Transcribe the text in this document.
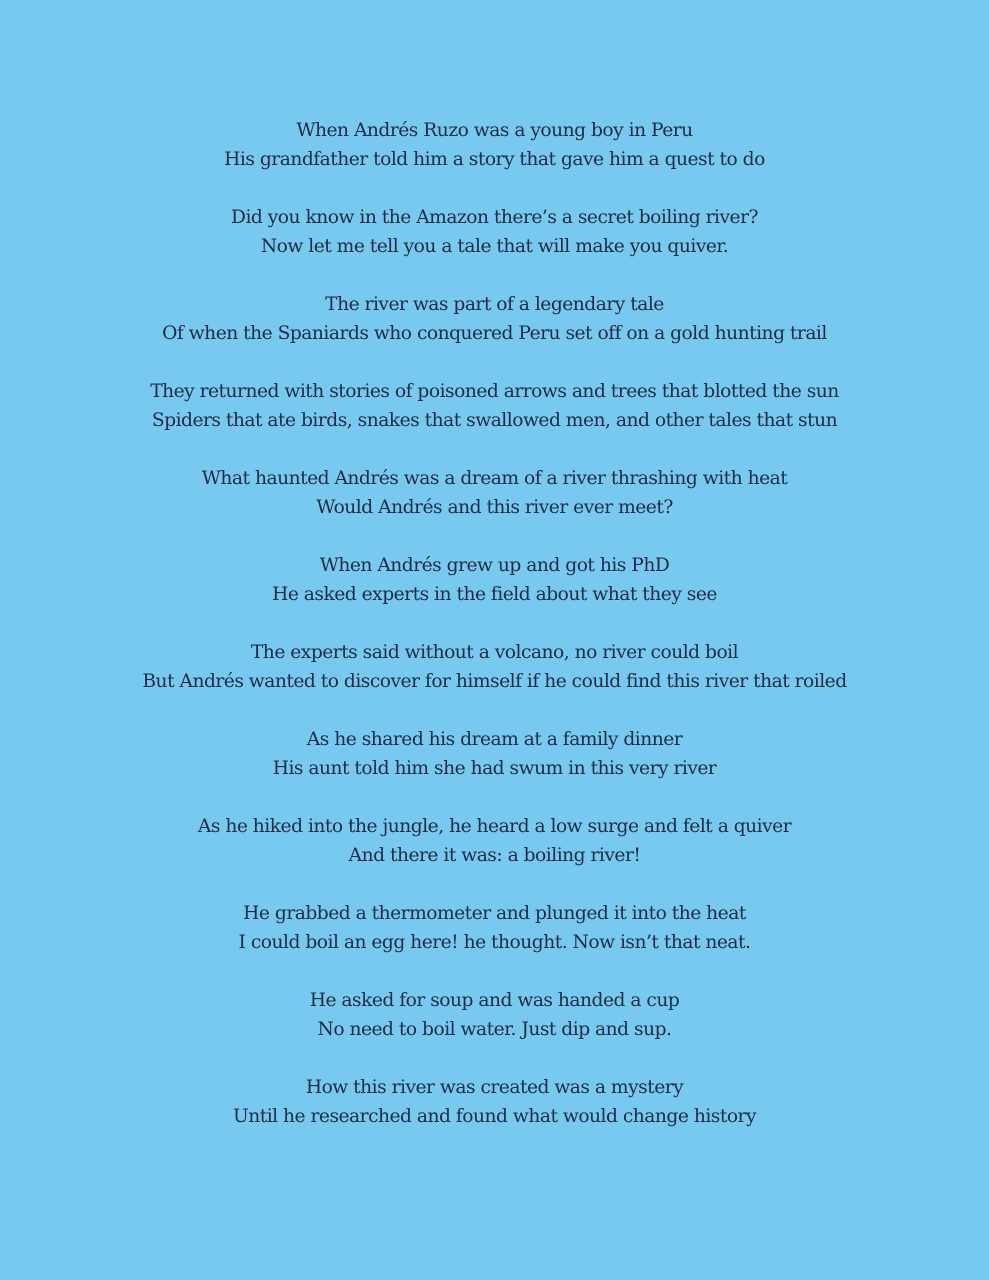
When Andrés Ruzo was a young boy in Peru
His grandfather told him a story that gave him a quest to do
Did you know in the Amazon there’s a secret boiling river?
Now let me tell you a tale that will make you quiver.
The river was part of a legendary tale
Of when the Spaniards who conquered Peru set off on a gold hunting trail
They returned with stories of poisoned arrows and trees that blotted the sun
Spiders that ate birds, snakes that swallowed men, and other tales that stun
What haunted Andrés was a dream of a river thrashing with heat
Would Andrés and this river ever meet?
When Andrés grew up and got his PhD
He asked experts in the field about what they see
The experts said without a volcano, no river could boil
But Andrés wanted to discover for himself if he could find this river that roiled
As he shared his dream at a family dinner
His aunt told him she had swum in this very river
As he hiked into the jungle, he heard a low surge and felt a quiver
And there it was: a boiling river!
He grabbed a thermometer and plunged it into the heat
I could boil an egg here! he thought. Now isn’t that neat.
He asked for soup and was handed a cup
No need to boil water. Just dip and sup.
How this river was created was a mystery
Until he researched and found what would change history
